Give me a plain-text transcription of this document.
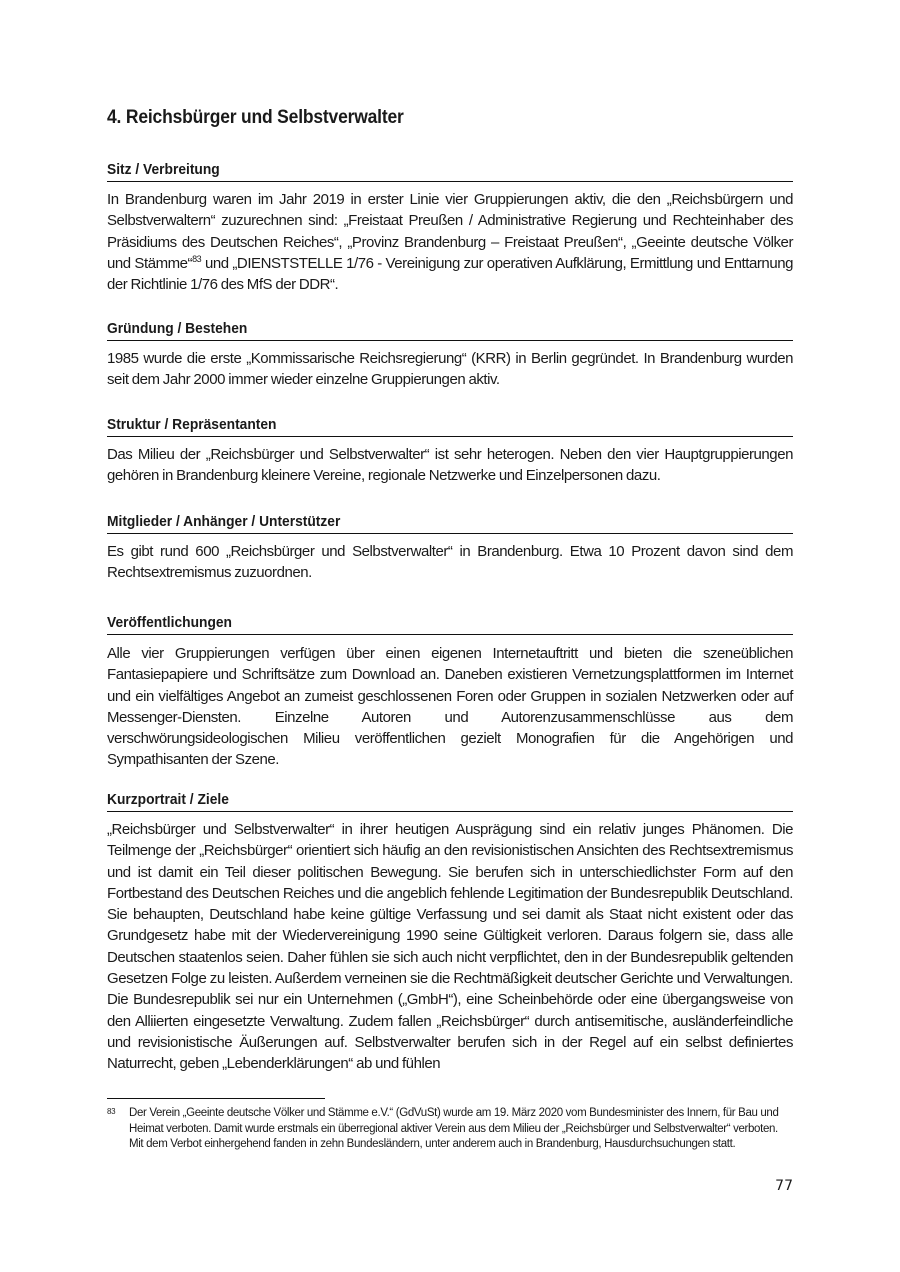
4. Reichsbürger und Selbstverwalter
Sitz / Verbreitung

In Brandenburg waren im Jahr 2019 in erster Linie vier Gruppierungen aktiv, die den „Reichsbürgern und Selbstverwaltern“ zuzurechnen sind: „Freistaat Preußen / Administrative Regierung und Rechteinhaber des Präsidiums des Deutschen Reiches“, „Provinz Brandenburg – Freistaat Preußen“, „Geeinte deutsche Völker und Stämme“$^{83}$ und „DIENSTSTELLE 1/76 - Vereinigung zur operativen Aufklärung, Ermittlung und Enttarnung der Richtlinie 1/76 des MfS der DDR“.

Gründung / Bestehen

1985 wurde die erste „Kommissarische Reichsregierung“ (KRR) in Berlin gegründet. In Brandenburg wurden seit dem Jahr 2000 immer wieder einzelne Gruppierungen aktiv.

Struktur / Repräsentanten

Das Milieu der „Reichsbürger und Selbstverwalter“ ist sehr heterogen. Neben den vier Hauptgruppierungen gehören in Brandenburg kleinere Vereine, regionale Netzwerke und Einzelpersonen dazu.

Mitglieder / Anhänger / Unterstützer

Es gibt rund 600 „Reichsbürger und Selbstverwalter“ in Brandenburg. Etwa 10 Prozent davon sind dem Rechtsextremismus zuzuordnen.

Veröffentlichungen

Alle vier Gruppierungen verfügen über einen eigenen Internetauftritt und bieten die szeneüblichen Fantasiepapiere und Schriftsätze zum Download an. Daneben existieren Vernetzungsplattformen im Internet und ein vielfältiges Angebot an zumeist geschlossenen Foren oder Gruppen in sozialen Netzwerken oder auf Messenger-Diensten. Einzelne Autoren und Autorenzusammenschlüsse aus dem verschwörungsideologischen Milieu veröffentlichen gezielt Monografien für die Angehörigen und Sympathisanten der Szene.

Kurzportrait / Ziele

„Reichsbürger und Selbstverwalter“ in ihrer heutigen Ausprägung sind ein relativ junges Phänomen. Die Teilmenge der „Reichsbürger“ orientiert sich häufig an den revisionistischen Ansichten des Rechtsextremismus und ist damit ein Teil dieser politischen Bewegung. Sie berufen sich in unterschiedlichster Form auf den Fortbestand des Deutschen Reiches und die angeblich fehlende Legitimation der Bundesrepublik Deutschland. Sie behaupten, Deutschland habe keine gültige Verfassung und sei damit als Staat nicht existent oder das Grundgesetz habe mit der Wiedervereinigung 1990 seine Gültigkeit verloren. Daraus folgern sie, dass alle Deutschen staatenlos seien. Daher fühlen sie sich auch nicht verpflichtet, den in der Bundesrepublik geltenden Gesetzen Folge zu leisten. Außerdem verneinen sie die Rechtmäßigkeit deutscher Gerichte und Verwaltungen. Die Bundesrepublik sei nur ein Unternehmen („GmbH“), eine Scheinbehörde oder eine übergangsweise von den Alliierten eingesetzte Verwaltung. Zudem fallen „Reichsbürger“ durch antisemitische, ausländerfeindliche und revisionistische Äußerungen auf. Selbstverwalter berufen sich in der Regel auf ein selbst definiertes Naturrecht, geben „Lebenderklärungen“ ab und fühlen

83 Der Verein „Geeinte deutsche Völker und Stämme e.V.“ (GdVuSt) wurde am 19. März 2020 vom Bundesminister des Innern, für Bau und Heimat verboten. Damit wurde erstmals ein überregional aktiver Verein aus dem Milieu der „Reichsbürger und Selbstverwalter“ verboten. Mit dem Verbot einhergehend fanden in zehn Bundesländern, unter anderem auch in Brandenburg, Hausdurchsuchungen statt.

77
